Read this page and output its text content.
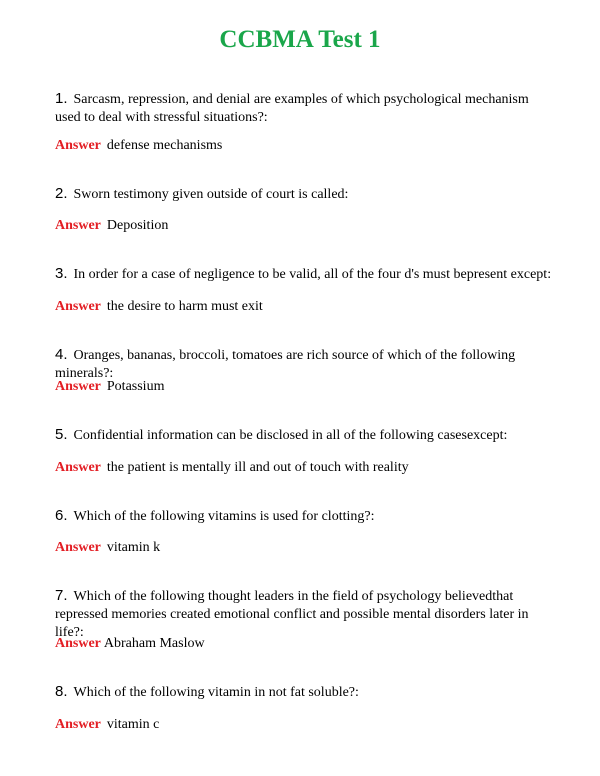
CCBMA Test 1
1. Sarcasm, repression, and denial are examples of which psychological mechanism used to deal with stressful situations?:
Answer defense mechanisms
2. Sworn testimony given outside of court is called:
Answer Deposition
3. In order for a case of negligence to be valid, all of the four d's must bepresent except:
Answer the desire to harm must exit
4. Oranges, bananas, broccoli, tomatoes are rich source of which of the following minerals?:
Answer Potassium
5. Confidential information can be disclosed in all of the following casesexcept:
Answer the patient is mentally ill and out of touch with reality
6. Which of the following vitamins is used for clotting?:
Answer vitamin k
7. Which of the following thought leaders in the field of psychology believedthat repressed memories created emotional conflict and possible mental disorders later in life?:
Answer Abraham Maslow
8. Which of the following vitamin in not fat soluble?:
Answer vitamin c
